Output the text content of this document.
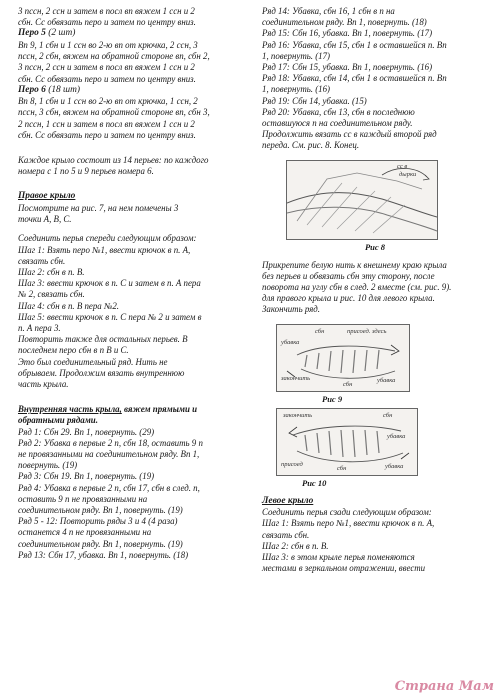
3 пссн, 2 ссн и затем в посл вп вяжем 1 ссн и 2

сбн. Сс обвязать перо и затем по центру вниз.

Перо 5 (2 шт)

Вп 9, 1 сбн и 1 ссн во 2-ю вп от крючка, 2 ссн, 3

пссн, 2 сбн, вяжем на обратной стороне вп, сбн 2,

3 пссн, 2 ссн и затем в посл вп вяжем 1 ссн и 2

сбн. Сс обвязать перо и затем по центру вниз.

Перо 6 (18 шт)

Вп 8, 1 сбн и 1 ссн во 2-ю вп от крючка, 1 ссн, 2

пссн, 3 сбн, вяжем на обратной стороне вп, сбн 3,

2 пссн, 1 ссн и затем в посл вп вяжем 1 ссн и 2

сбн. Сс обвязать перо и затем по центру вниз.

Каждое крыло состоит из 14 перьев: по каждого

номера с 1 по 5 и 9 перьев номера 6.

Правое крыло

Посмотрите на рис. 7, на нем помечены 3

точки А, В, С.

Соединить перья спереди следующим образом:

Шаг 1: Взять перо №1, ввести крючок в п. А,

связать сбн.

Шаг 2: сбн в п. В.

Шаг 3: ввести крючок в п. С и затем в п. А пера

№ 2, связать сбн.

Шаг 4: сбн в п. В пера №2.

Шаг 5: ввести крючок в п. С пера № 2 и затем в

п. А пера 3.

Повторить также для остальных перьев. В

последнем перо сбн в п В и С.

Это был соединительный ряд. Нить не

обрываем. Продолжим вязать внутреннюю

часть крыла.

Внутренняя часть крыла, вяжем прямыми и

обратными рядами.

Ряд 1: Сбн 29. Вп 1, повернуть. (29)

Ряд 2: Убавка в первые 2 п, сбн 18, оставить 9 п

не провязанными на соединительном ряду. Вп 1,

повернуть. (19)

Ряд 3: Сбн 19. Вп 1, повернуть. (19)

Ряд 4: Убавка в первые 2 п, сбн 17, сбн в след. п,

оставить 9 п не провязанными на

соединительном ряду. Вп 1, повернуть. (19)

Ряд 5 - 12: Повторить ряды 3 и 4 (4 раза)

останется 4 п не провязанными на

соединительном ряду. Вп 1, повернуть. (19)

Ряд 13: Сбн 17, убавка. Вп 1, повернуть. (18)

Ряд 14: Убавка, сбн 16, 1 сбн в п на

соединительном ряду. Вп 1, повернуть. (18)

Ряд 15: Сбн 16, убавка. Вп 1, повернуть. (17)

Ряд 16: Убавка, сбн 15, сбн 1 в оставшейся п. Вп

1, повернуть. (17)

Ряд 17: Сбн 15, убавка. Вп 1, повернуть. (16)

Ряд 18: Убавка, сбн 14, сбн 1 в оставшейся п. Вп

1, повернуть. (16)

Ряд 19: Сбн 14, убавка. (15)

Ряд 20: Убавка, сбн 13, сбн в последнюю

оставшуюся п на соединительном ряду.

Продолжить вязать сс в каждый второй ряд

переда. См. рис. 8. Конец.

сс в
дырки

Рис 8

Прикрепите белую нить к внешнему краю крыла

без перьев и обвязать сбн эту сторону, после

поворота на углу сбн в след. 2 вместе (см. рис. 9).

для правого крыла и рис. 10 для левого крыла.

Закончить ряд.

сбн	присоед. здесь
убавка
закончить	убавка
сбн

Рис 9

закончить	сбн
присоед
убавка
сбн	убавка

Рис 10

Левое крыло

Соединить перья сзади следующим образом:

Шаг 1: Взять перо №1, ввести крючок в п. А,

связать сбн.

Шаг 2: сбн в п. В.

Шаг 3: в этом крыле перья поменяются

местами в зеркальном отражении, ввести

Страна Мам
